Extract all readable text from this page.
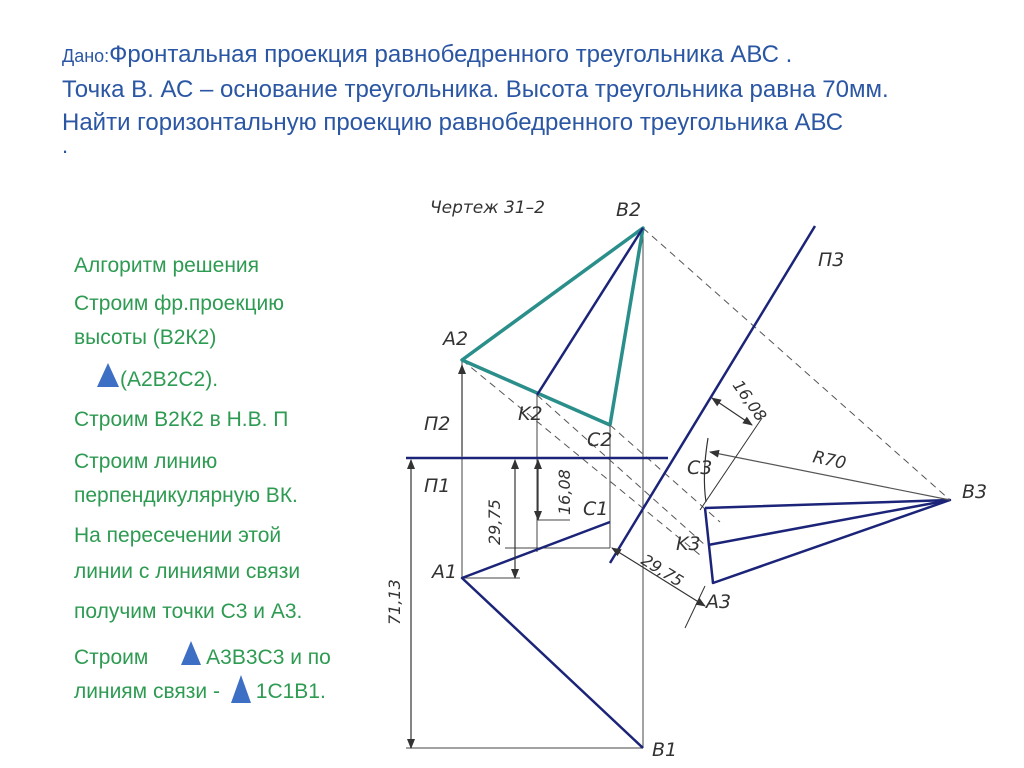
Дано:Фронтальная проекция равнобедренного треугольника АВС .
Точка В. АС – основание треугольника. Высота треугольника равна 70мм.
Найти горизонтальную проекцию равнобедренного треугольника АВС
.
Алгоритм решения
Строим фр.проекцию
высоты (В2К2)
(А2В2С2).
Строим В2К2 в Н.В. П
Строим линию
перпендикулярную ВК.
На пересечении этой
линии с линиями связи
получим точки С3 и А3.
Строим	А3В3С3 и по
линиям связи - 1С1В1.
Чертеж 31–2	B2
П3
A2
K2
C2
П2
П1
C1
A1
B1
C3
K3
A3
B3
16,08
R70
16,08
29,75
29,75
71,13
